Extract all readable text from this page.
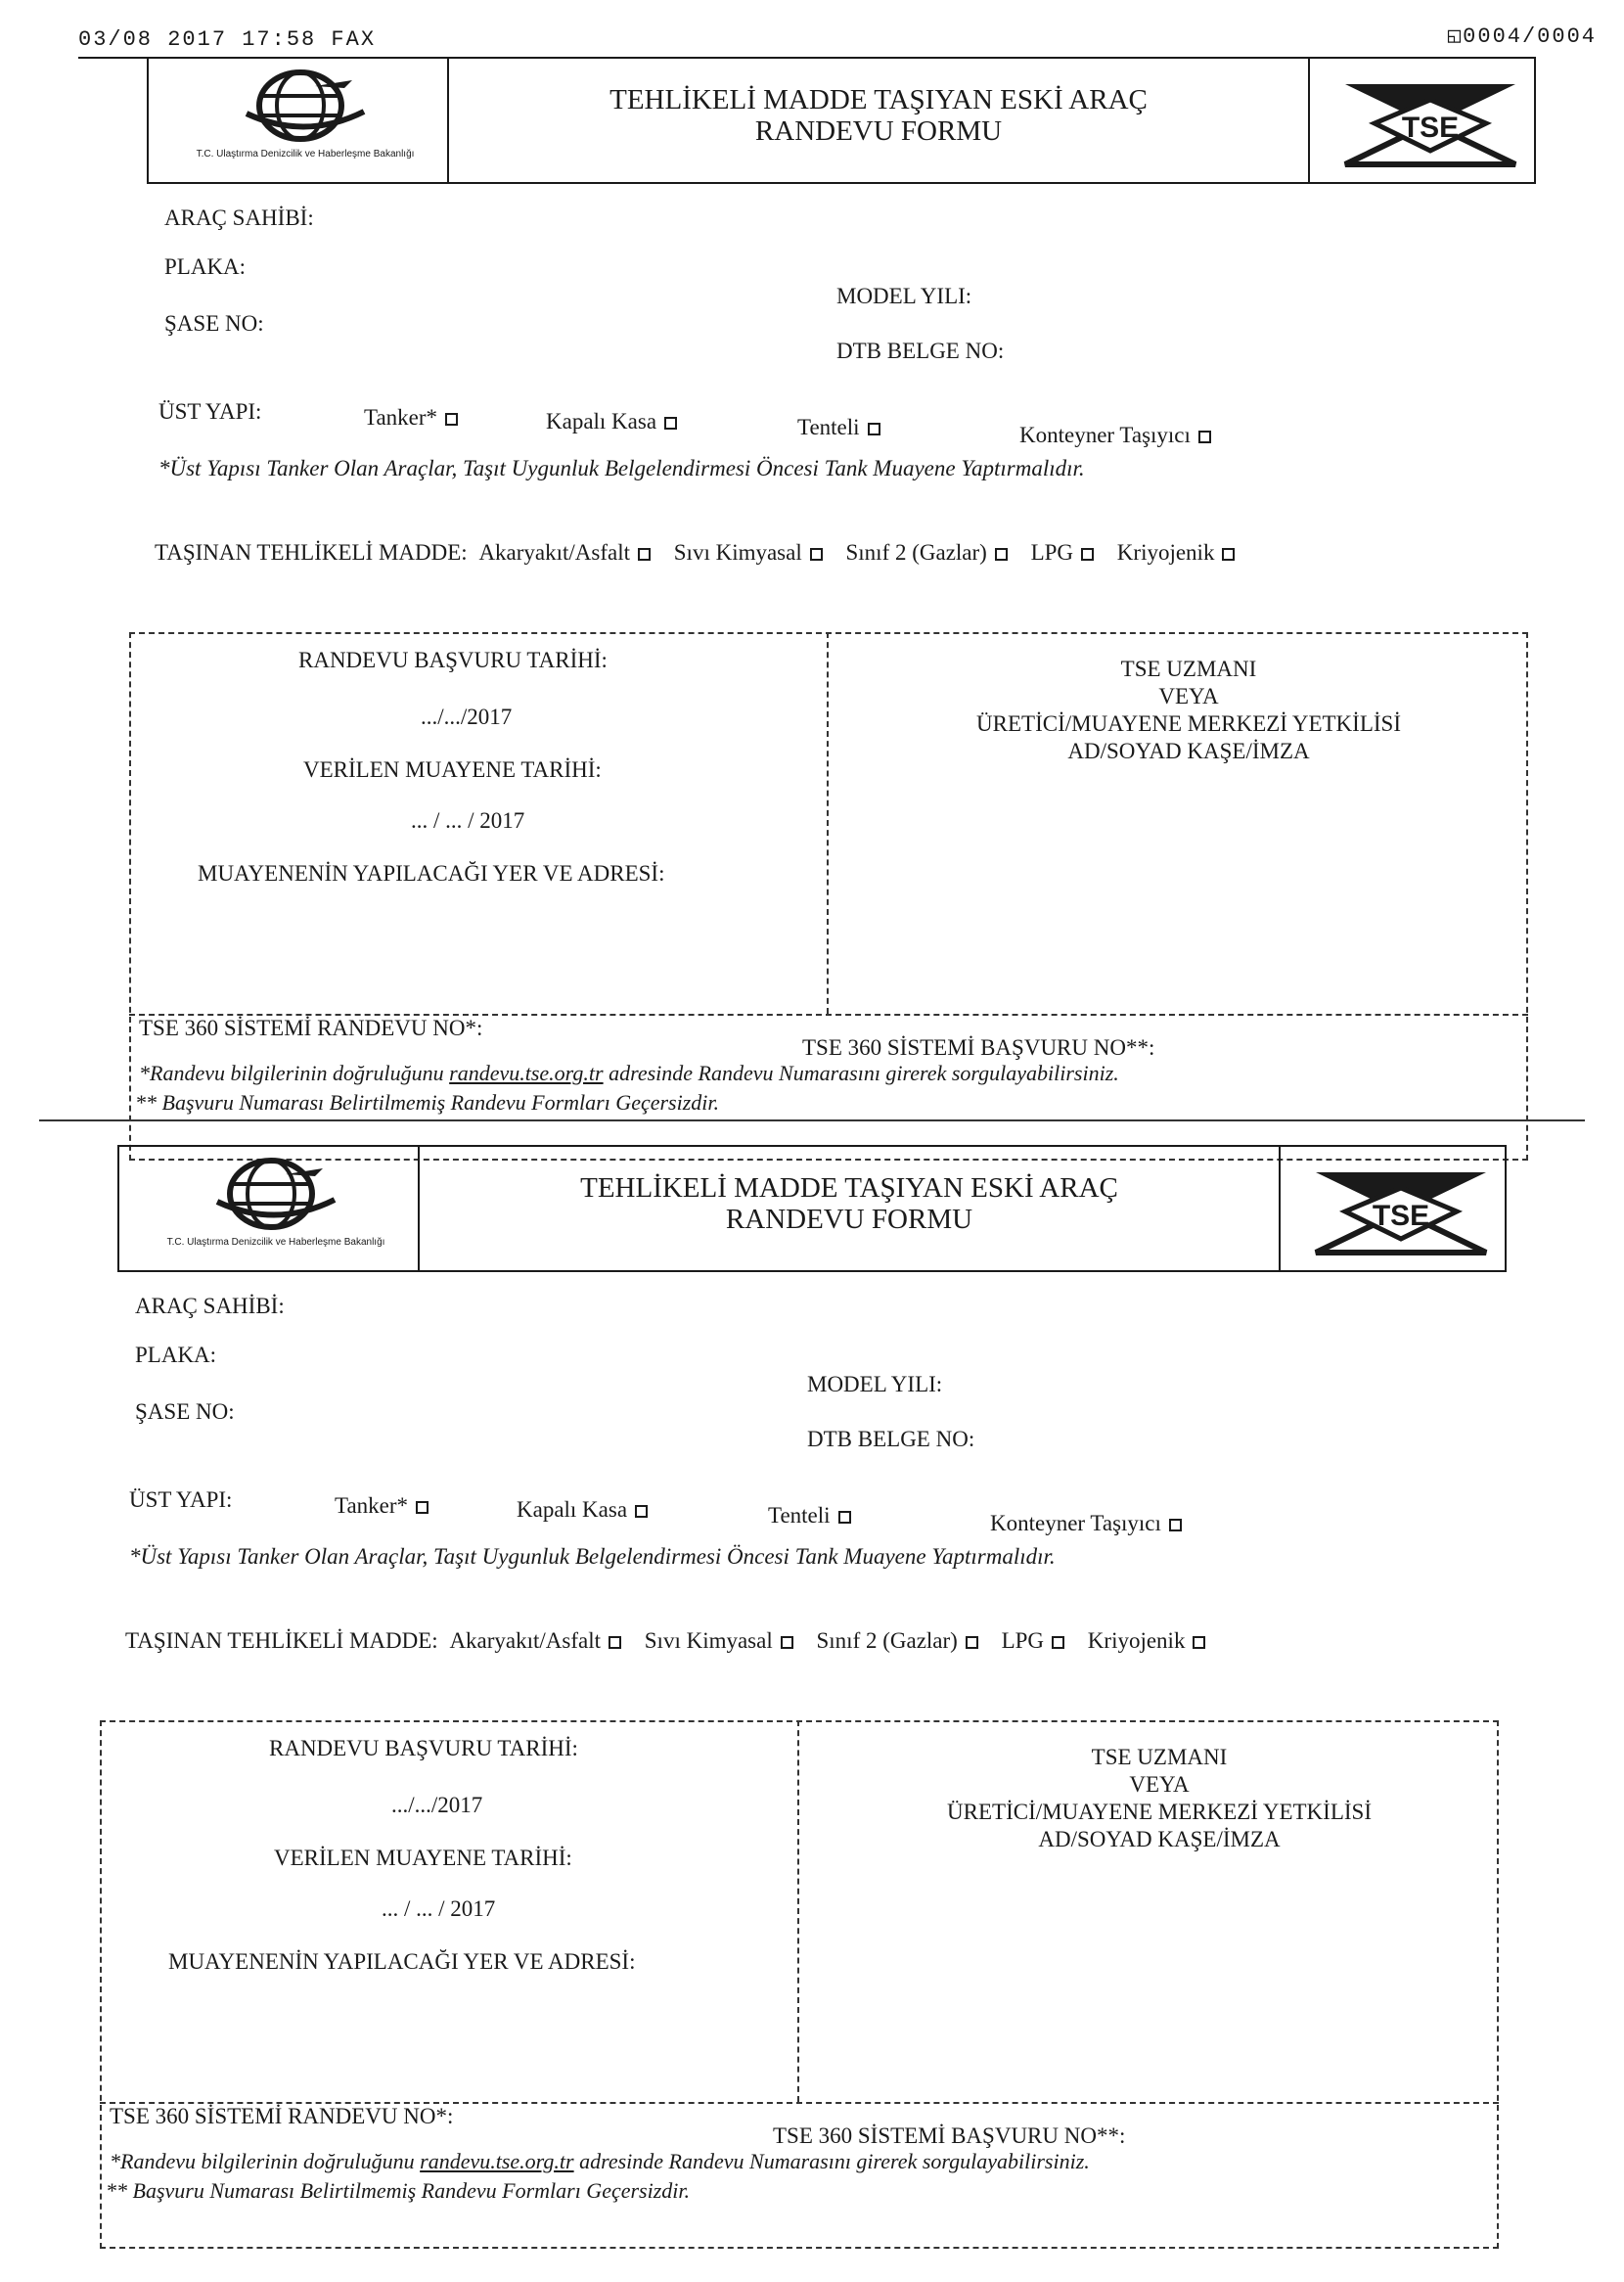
03/08 2017 17:58 FAX	◱0004/0004
T.C. Ulaştırma Denizcilik ve Haberleşme Bakanlığı
TEHLİKELİ MADDE TAŞIYAN ESKİ ARAÇ
RANDEVU FORMU	TSE
ARAÇ SAHİBİ:
PLAKA:
ŞASE NO:
MODEL YILI:
DTB BELGE NO:
ÜST YAPI:	Tanker*	Kapalı Kasa	Tenteli	Konteyner Taşıyıcı
*Üst Yapısı Tanker Olan Araçlar, Taşıt Uygunluk Belgelendirmesi Öncesi Tank Muayene Yaptırmalıdır.
TAŞINAN TEHLİKELİ MADDE: Akaryakıt/Asfalt Sıvı Kimyasal Sınıf 2 (Gazlar) LPG Kriyojenik
RANDEVU BAŞVURU TARİHİ:
.../.../2017
VERİLEN MUAYENE TARİHİ:
... / ... / 2017
MUAYENENİN YAPILACAĞI YER VE ADRESİ:
TSE UZMANI
VEYA
ÜRETİCİ/MUAYENE MERKEZİ YETKİLİSİ
AD/SOYAD KAŞE/İMZA
TSE 360 SİSTEMİ RANDEVU NO*:
TSE 360 SİSTEMİ BAŞVURU NO**:
*Randevu bilgilerinin doğruluğunu randevu.tse.org.tr adresinde Randevu Numarasını girerek sorgulayabilirsiniz.
** Başvuru Numarası Belirtilmemiş Randevu Formları Geçersizdir.
T.C. Ulaştırma Denizcilik ve Haberleşme Bakanlığı
TEHLİKELİ MADDE TAŞIYAN ESKİ ARAÇ
RANDEVU FORMU	TSE
ARAÇ SAHİBİ:
PLAKA:
ŞASE NO:
MODEL YILI:
DTB BELGE NO:
ÜST YAPI:	Tanker*	Kapalı Kasa	Tenteli	Konteyner Taşıyıcı
*Üst Yapısı Tanker Olan Araçlar, Taşıt Uygunluk Belgelendirmesi Öncesi Tank Muayene Yaptırmalıdır.
TAŞINAN TEHLİKELİ MADDE: Akaryakıt/Asfalt Sıvı Kimyasal Sınıf 2 (Gazlar) LPG Kriyojenik
RANDEVU BAŞVURU TARİHİ:
.../.../2017
VERİLEN MUAYENE TARİHİ:
... / ... / 2017
MUAYENENİN YAPILACAĞI YER VE ADRESİ:
TSE UZMANI
VEYA
ÜRETİCİ/MUAYENE MERKEZİ YETKİLİSİ
AD/SOYAD KAŞE/İMZA
TSE 360 SİSTEMİ RANDEVU NO*:
TSE 360 SİSTEMİ BAŞVURU NO**:
*Randevu bilgilerinin doğruluğunu randevu.tse.org.tr adresinde Randevu Numarasını girerek sorgulayabilirsiniz.
** Başvuru Numarası Belirtilmemiş Randevu Formları Geçersizdir.
